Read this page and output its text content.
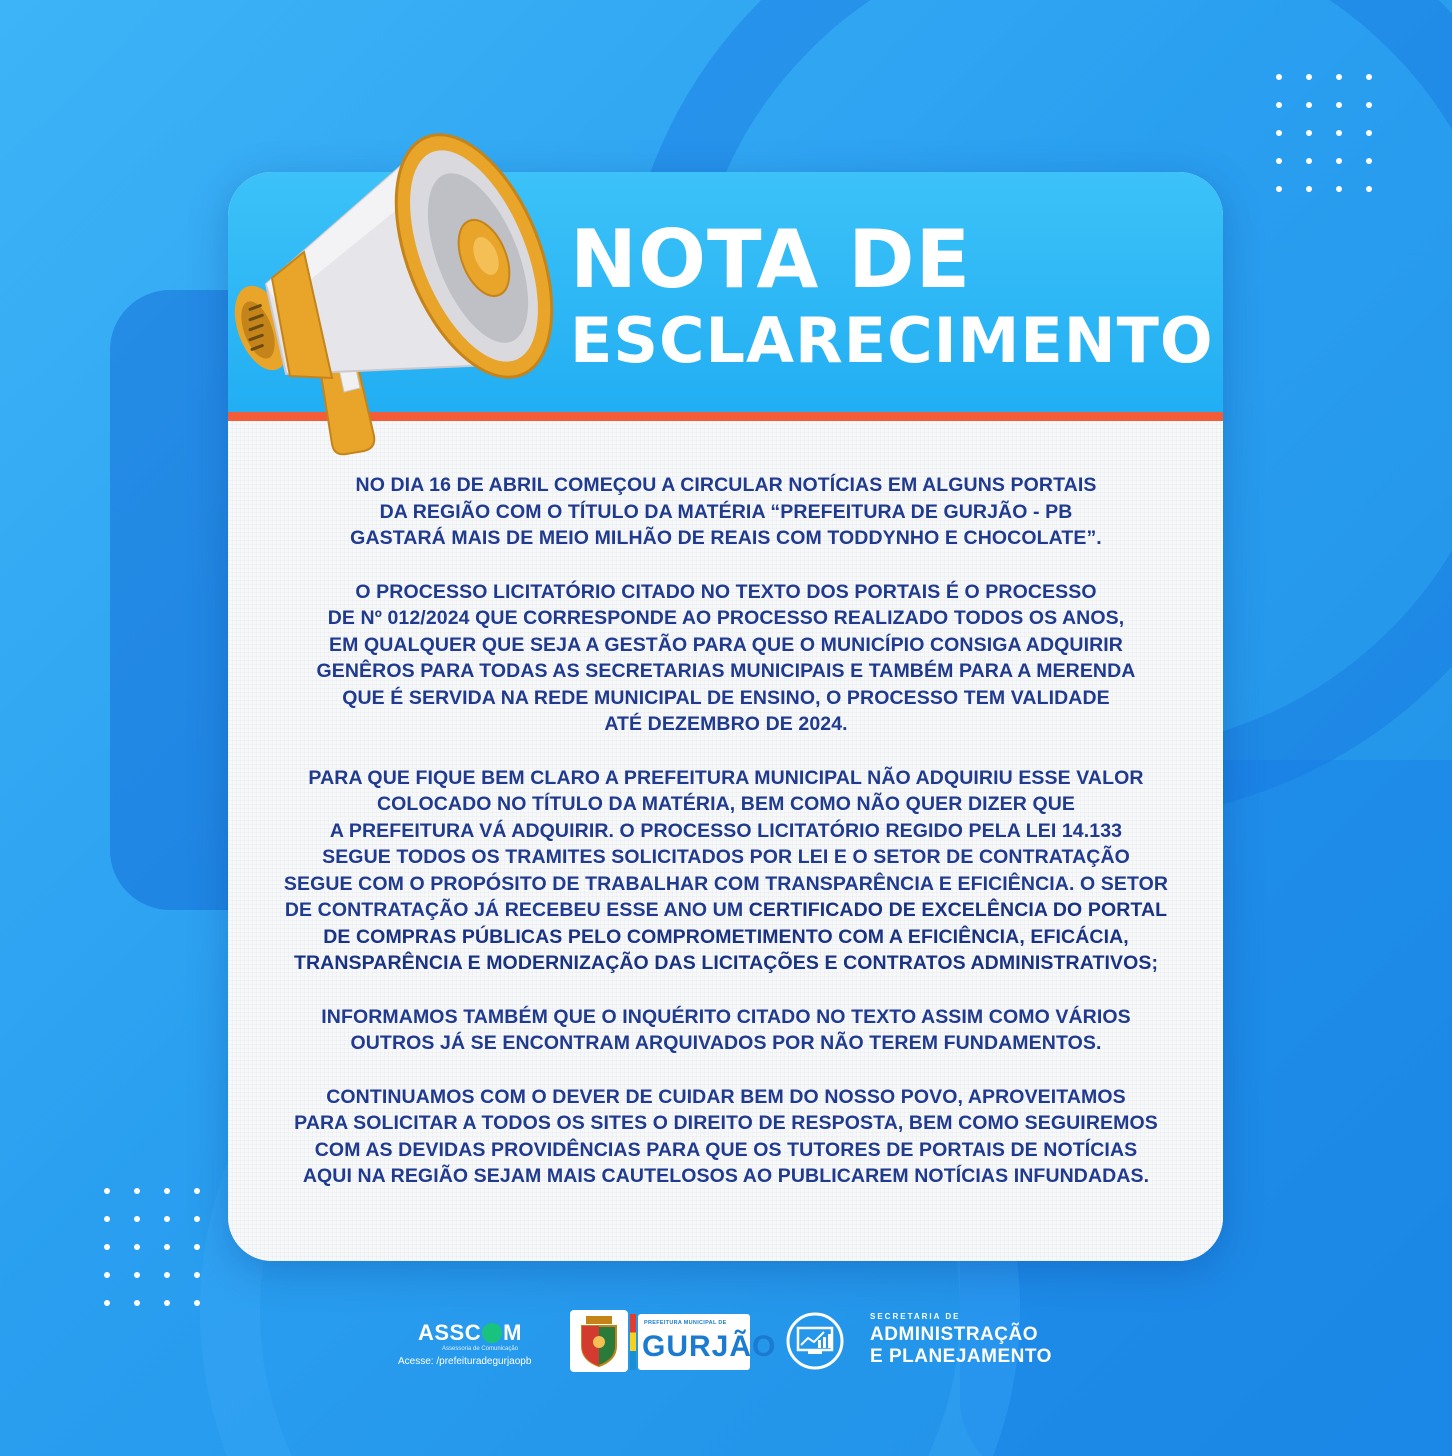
NOTA DE
ESCLARECIMENTO

NO DIA 16 DE ABRIL COMEÇOU A CIRCULAR NOTÍCIAS EM ALGUNS PORTAIS
DA REGIÃO COM O TÍTULO DA MATÉRIA “PREFEITURA DE GURJÃO - PB
GASTARÁ MAIS DE MEIO MILHÃO DE REAIS COM TODDYNHO E CHOCOLATE”.

O PROCESSO LICITATÓRIO CITADO NO TEXTO DOS PORTAIS É O PROCESSO
DE Nº 012/2024 QUE CORRESPONDE AO PROCESSO REALIZADO TODOS OS ANOS,
EM QUALQUER QUE SEJA A GESTÃO PARA QUE O MUNICÍPIO CONSIGA ADQUIRIR
GENÊROS PARA TODAS AS SECRETARIAS MUNICIPAIS E TAMBÉM PARA A MERENDA
QUE É SERVIDA NA REDE MUNICIPAL DE ENSINO, O PROCESSO TEM VALIDADE
ATÉ DEZEMBRO DE 2024.

PARA QUE FIQUE BEM CLARO A PREFEITURA MUNICIPAL NÃO ADQUIRIU ESSE VALOR
COLOCADO NO TÍTULO DA MATÉRIA, BEM COMO NÃO QUER DIZER QUE
A PREFEITURA VÁ ADQUIRIR. O PROCESSO LICITATÓRIO REGIDO PELA LEI 14.133
SEGUE TODOS OS TRAMITES SOLICITADOS POR LEI E O SETOR DE CONTRATAÇÃO
SEGUE COM O PROPÓSITO DE TRABALHAR COM TRANSPARÊNCIA E EFICIÊNCIA. O SETOR
DE CONTRATAÇÃO JÁ RECEBEU ESSE ANO UM CERTIFICADO DE EXCELÊNCIA DO PORTAL
DE COMPRAS PÚBLICAS PELO COMPROMETIMENTO COM A EFICIÊNCIA, EFICÁCIA,
TRANSPARÊNCIA E MODERNIZAÇÃO DAS LICITAÇÕES E CONTRATOS ADMINISTRATIVOS;

INFORMAMOS TAMBÉM QUE O INQUÉRITO CITADO NO TEXTO ASSIM COMO VÁRIOS
OUTROS JÁ SE ENCONTRAM ARQUIVADOS POR NÃO TEREM FUNDAMENTOS.

CONTINUAMOS COM O DEVER DE CUIDAR BEM DO NOSSO POVO, APROVEITAMOS
PARA SOLICITAR A TODOS OS SITES O DIREITO DE RESPOSTA, BEM COMO SEGUIREMOS
COM AS DEVIDAS PROVIDÊNCIAS PARA QUE OS TUTORES DE PORTAIS DE NOTÍCIAS
AQUI NA REGIÃO SEJAM MAIS CAUTELOSOS AO PUBLICAREM NOTÍCIAS INFUNDADAS.

ASSC M
Assessoria de Comunicação
Acesse: /prefeituradegurjaopb
PREFEITURA MUNICIPAL DE
GURJÃO
SECRETARIA DE
ADMINISTRAÇÃO
E PLANEJAMENTO
